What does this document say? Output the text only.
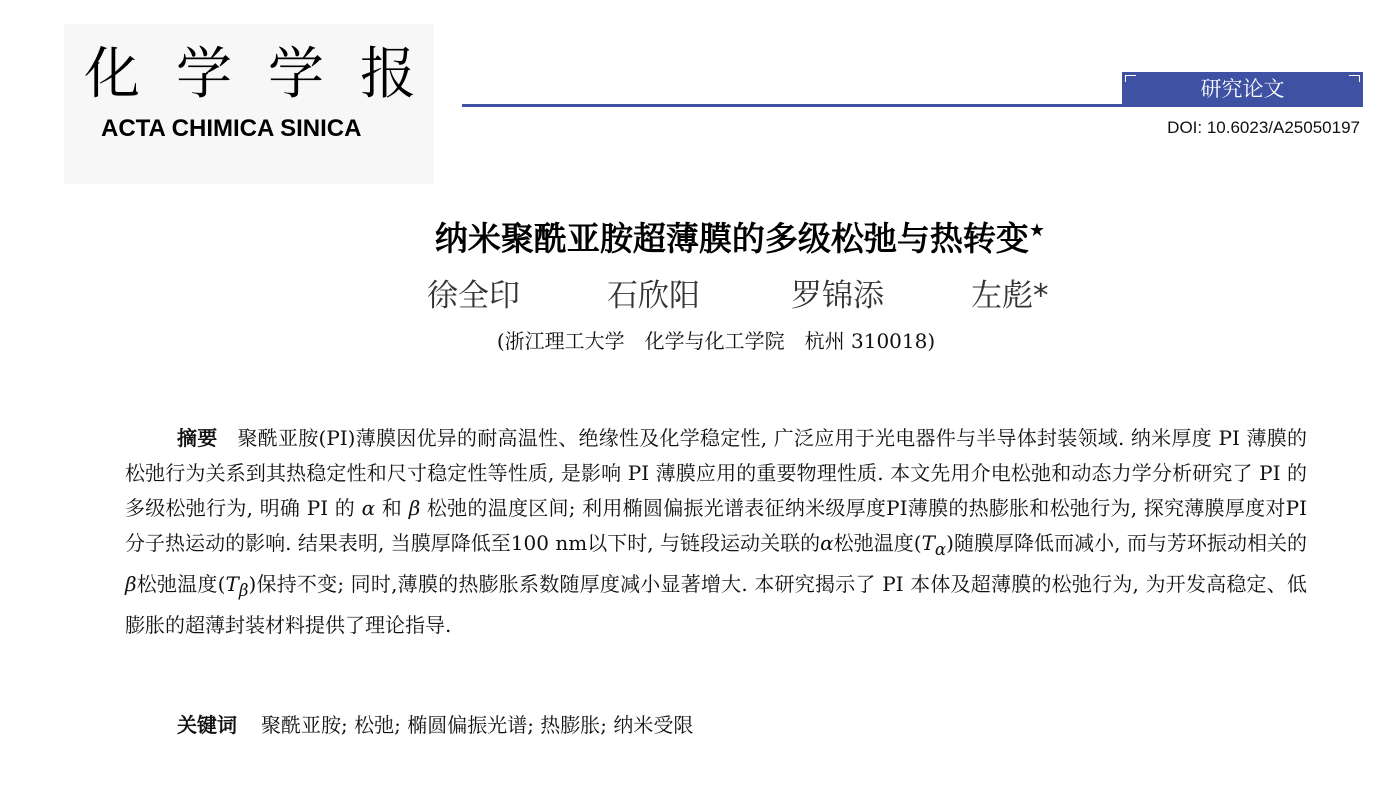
化学学报
ACTA CHIMICA SINICA
研究论文
DOI: 10.6023/A25050197
纳米聚酰亚胺超薄膜的多级松弛与热转变★
徐全印	石欣阳	罗锦添	左彪*
(浙江理工大学　化学与化工学院　杭州 310018)

摘要 聚酰亚胺(PI)薄膜因优异的耐高温性、绝缘性及化学稳定性, 广泛应用于光电器件与半导体封装领域. 纳米厚度 PI 薄膜的松弛行为关系到其热稳定性和尺寸稳定性等性质, 是影响 PI 薄膜应用的重要物理性质. 本文先用介电松弛和动态力学分析研究了 PI 的多级松弛行为, 明确 PI 的 α 和 β 松弛的温度区间; 利用椭圆偏振光谱表征纳米级厚度PI薄膜的热膨胀和松弛行为, 探究薄膜厚度对PI分子热运动的影响. 结果表明, 当膜厚降低至100 nm以下时, 与链段运动关联的α松弛温度$(T_\alpha)$随膜厚降低而减小, 而与芳环振动相关的β松弛温度$(T_\beta)$保持不变; 同时,薄膜的热膨胀系数随厚度减小显著增大. 本研究揭示了 PI 本体及超薄膜的松弛行为, 为开发高稳定、低膨胀的超薄封装材料提供了理论指导.

关键词 聚酰亚胺; 松弛; 椭圆偏振光谱; 热膨胀; 纳米受限
